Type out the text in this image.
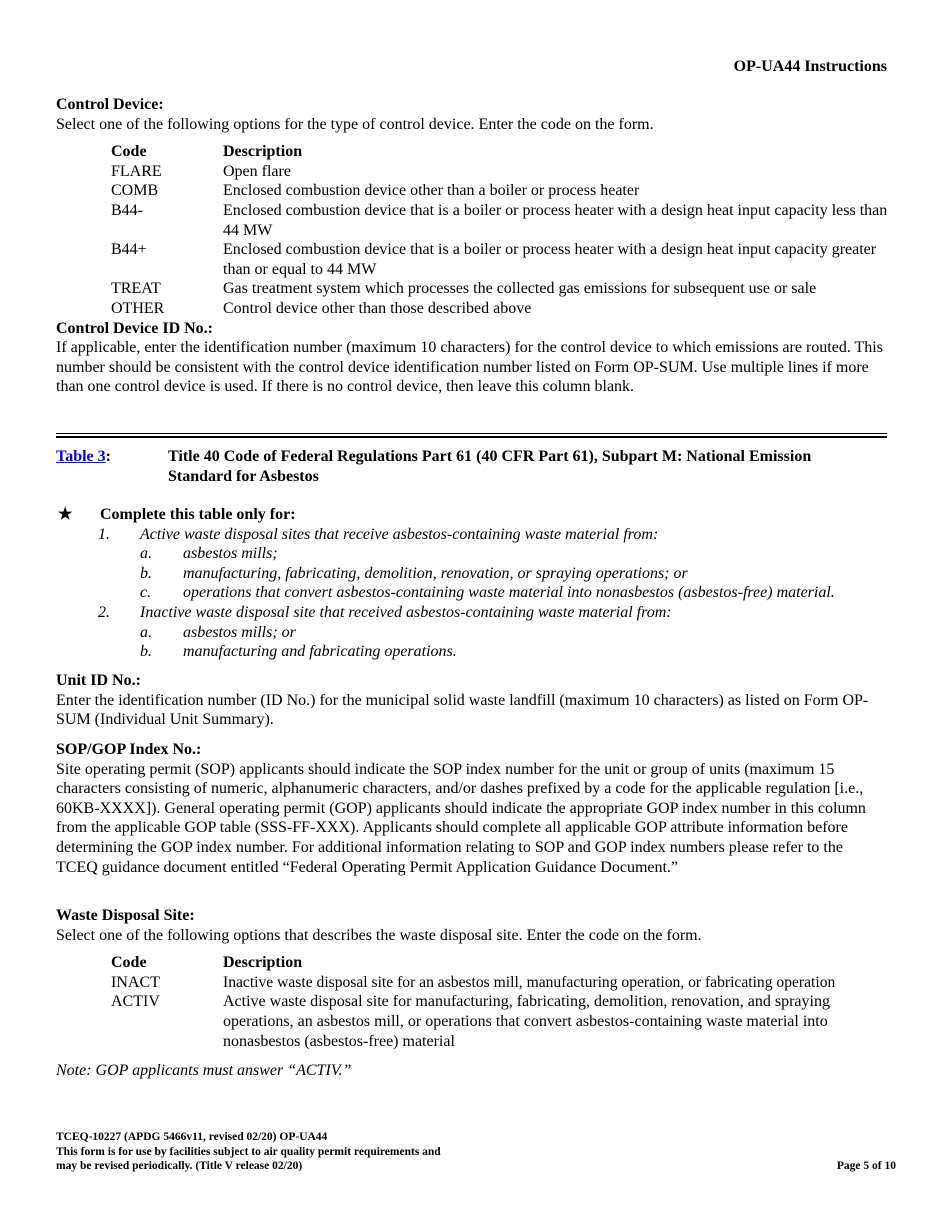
OP-UA44 Instructions

Control Device:

Select one of the following options for the type of control device. Enter the code on the form.

Code	Description
FLARE	Open flare
COMB	Enclosed combustion device other than a boiler or process heater
B44-	Enclosed combustion device that is a boiler or process heater with a design heat input capacity less than 44 MW
B44+	Enclosed combustion device that is a boiler or process heater with a design heat input capacity greater than or equal to 44 MW
TREAT	Gas treatment system which processes the collected gas emissions for subsequent use or sale
OTHER	Control device other than those described above

Control Device ID No.:

If applicable, enter the identification number (maximum 10 characters) for the control device to which emissions are routed. This number should be consistent with the control device identification number listed on Form OP-SUM. Use multiple lines if more than one control device is used. If there is no control device, then leave this column blank.

Table 3:	Title 40 Code of Federal Regulations Part 61 (40 CFR Part 61), Subpart M: National Emission Standard for Asbestos
★	Complete this table only for:
1.	Active waste disposal sites that receive asbestos-containing waste material from:
a.	asbestos mills;
b.	manufacturing, fabricating, demolition, renovation, or spraying operations; or
c.	operations that convert asbestos-containing waste material into nonasbestos (asbestos-free) material.
2.	Inactive waste disposal site that received asbestos-containing waste material from:
a.	asbestos mills; or
b.	manufacturing and fabricating operations.

Unit ID No.:

Enter the identification number (ID No.) for the municipal solid waste landfill (maximum 10 characters) as listed on Form OP-SUM (Individual Unit Summary).

SOP/GOP Index No.:

Site operating permit (SOP) applicants should indicate the SOP index number for the unit or group of units (maximum 15 characters consisting of numeric, alphanumeric characters, and/or dashes prefixed by a code for the applicable regulation [i.e., 60KB-XXXX]). General operating permit (GOP) applicants should indicate the appropriate GOP index number in this column from the applicable GOP table (SSS-FF-XXX). Applicants should complete all applicable GOP attribute information before determining the GOP index number. For additional information relating to SOP and GOP index numbers please refer to the TCEQ guidance document entitled “Federal Operating Permit Application Guidance Document.”

Waste Disposal Site:

Select one of the following options that describes the waste disposal site. Enter the code on the form.

Code	Description
INACT	Inactive waste disposal site for an asbestos mill, manufacturing operation, or fabricating operation
ACTIV	Active waste disposal site for manufacturing, fabricating, demolition, renovation, and spraying operations, an asbestos mill, or operations that convert asbestos-containing waste material into nonasbestos (asbestos-free) material

Note: GOP applicants must answer “ACTIV.”

TCEQ-10227 (APDG 5466v11, revised 02/20) OP-UA44
This form is for use by facilities subject to air quality permit requirements and
may be revised periodically. (Title V release 02/20)	Page 5 of 10
